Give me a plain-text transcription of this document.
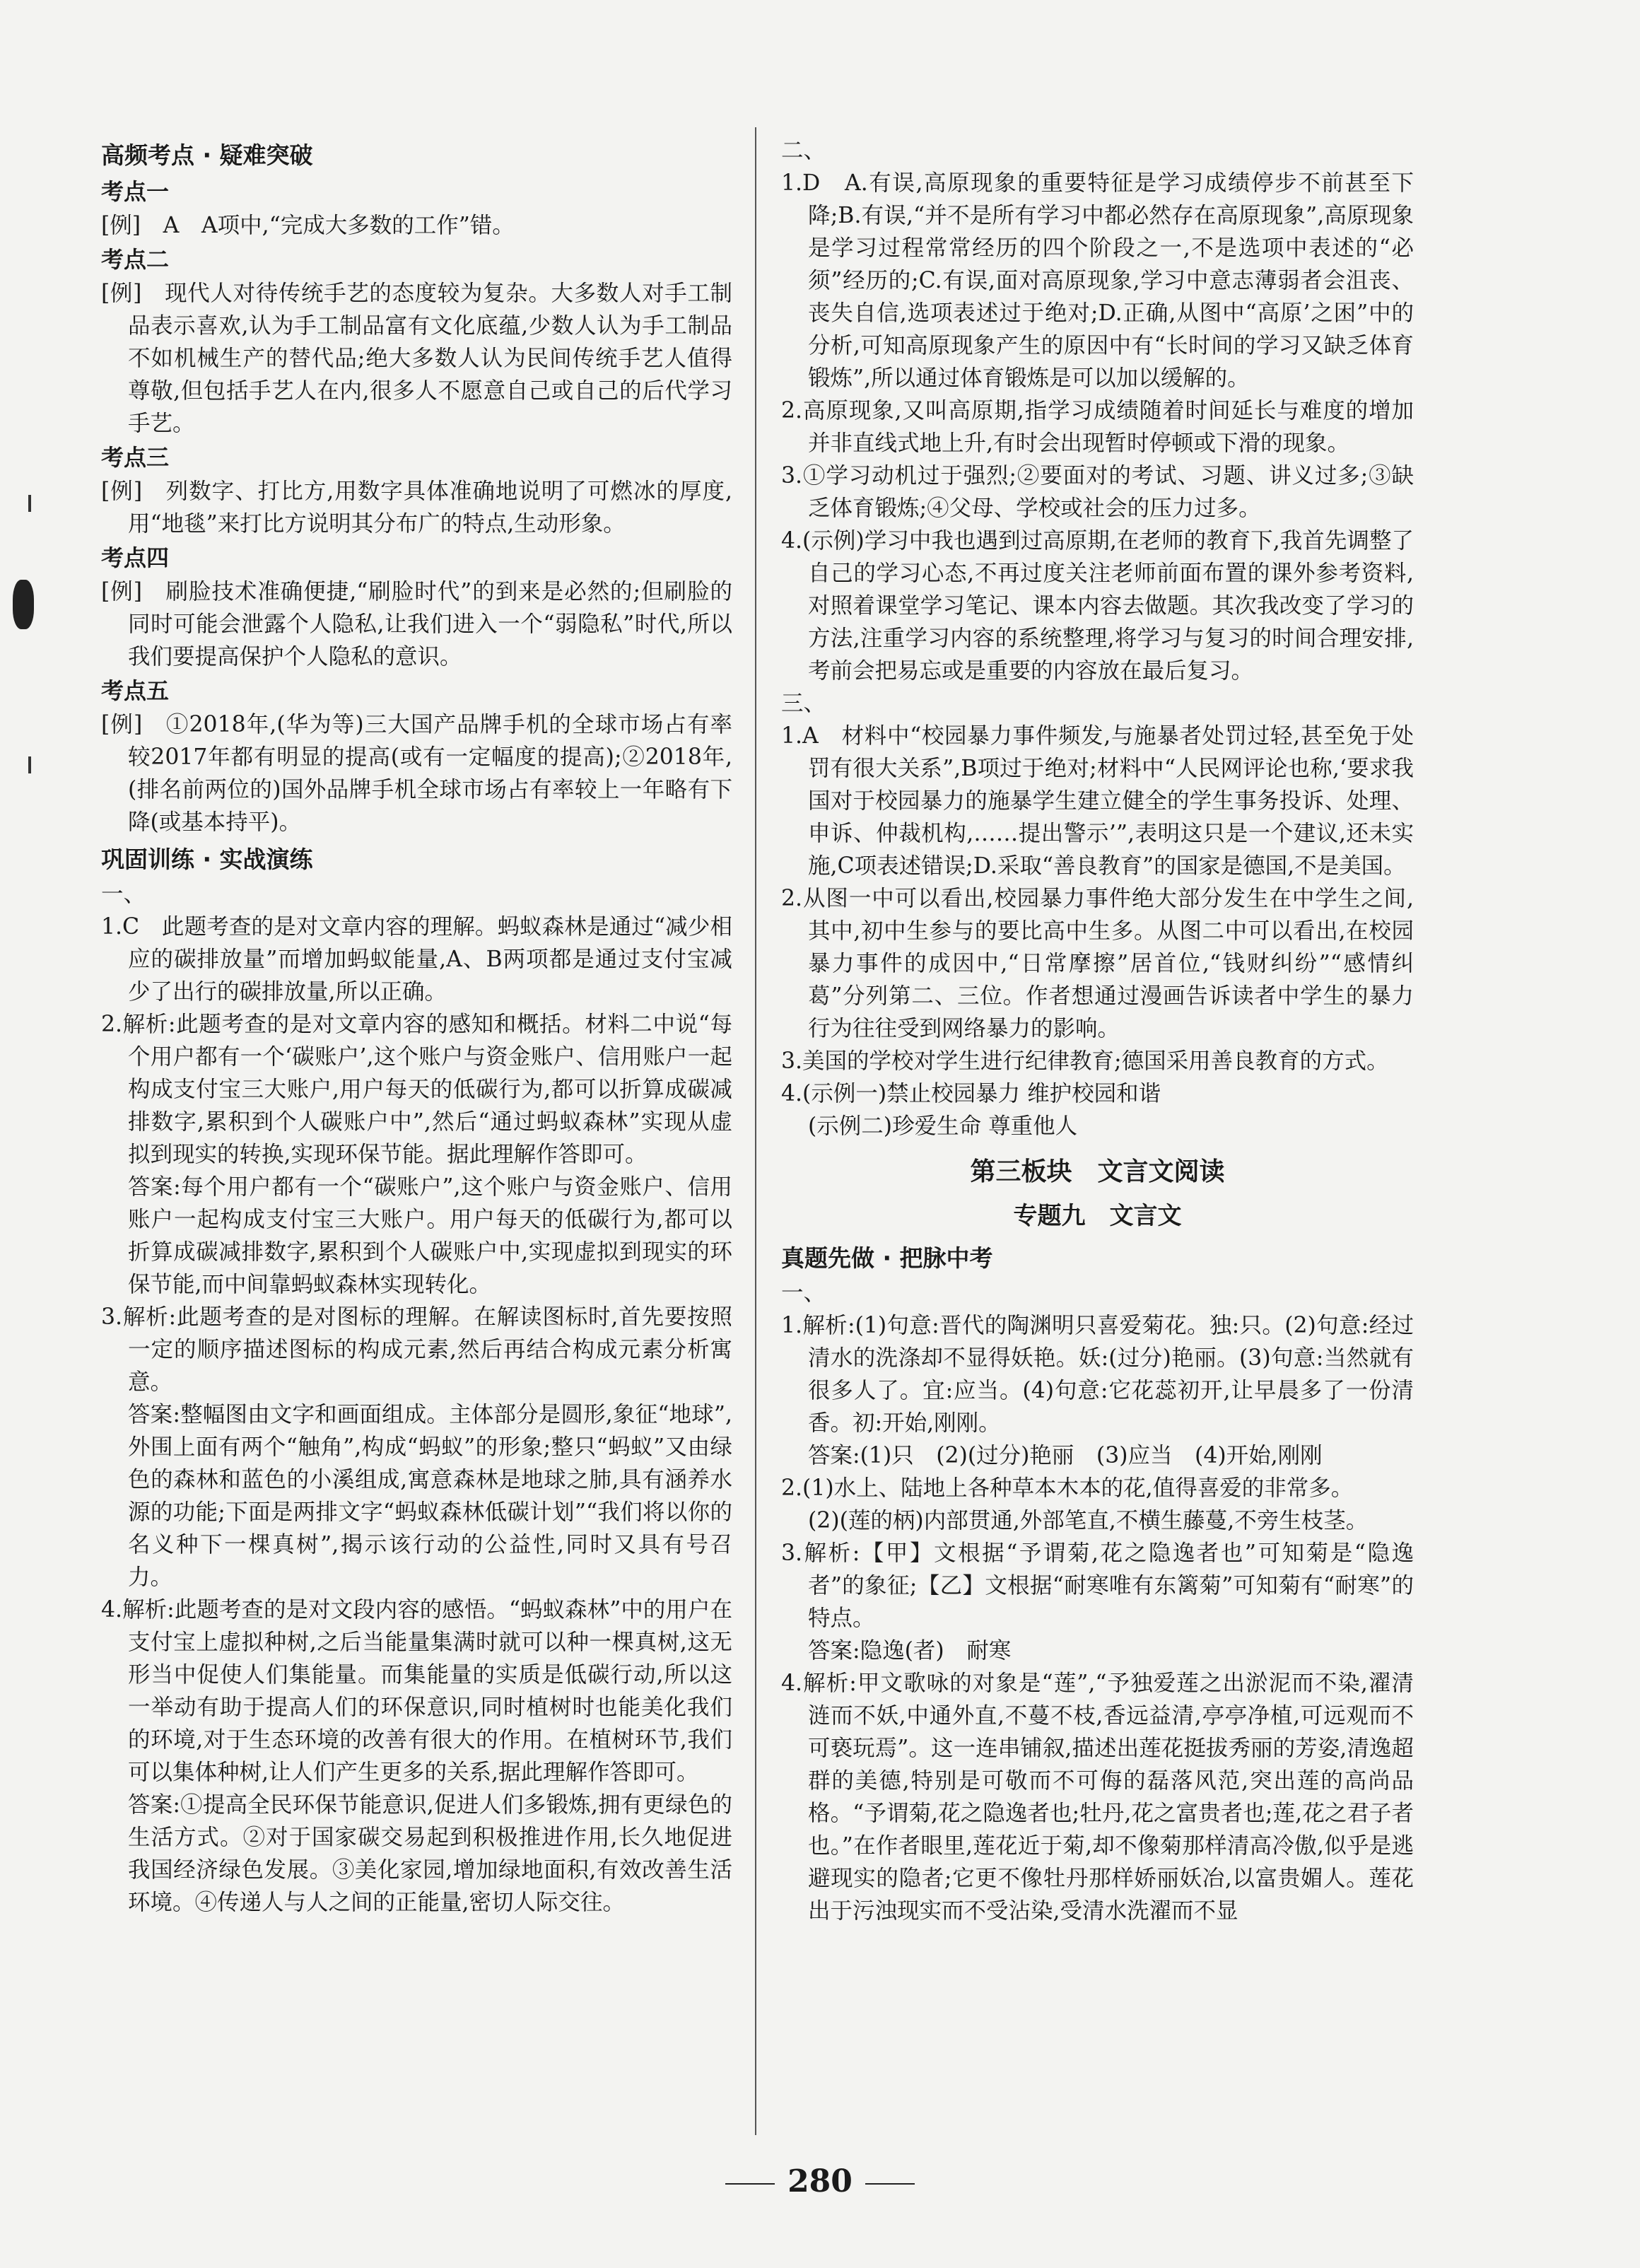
高频考点 · 疑难突破
考点一
[例]　A　A项中,“完成大多数的工作”错。
考点二
[例]　现代人对待传统手艺的态度较为复杂。大多数人对手工制品表示喜欢,认为手工制品富有文化底蕴,少数人认为手工制品不如机械生产的替代品;绝大多数人认为民间传统手艺人值得尊敬,但包括手艺人在内,很多人不愿意自己或自己的后代学习手艺。
考点三
[例]　列数字、打比方,用数字具体准确地说明了可燃冰的厚度,用“地毯”来打比方说明其分布广的特点,生动形象。
考点四
[例]　刷脸技术准确便捷,“刷脸时代”的到来是必然的;但刷脸的同时可能会泄露个人隐私,让我们进入一个“弱隐私”时代,所以我们要提高保护个人隐私的意识。
考点五
[例]　①2018年,(华为等)三大国产品牌手机的全球市场占有率较2017年都有明显的提高(或有一定幅度的提高);②2018年,(排名前两位的)国外品牌手机全球市场占有率较上一年略有下降(或基本持平)。
巩固训练 · 实战演练
一、
1.C　此题考查的是对文章内容的理解。蚂蚁森林是通过“减少相应的碳排放量”而增加蚂蚁能量,A、B两项都是通过支付宝减少了出行的碳排放量,所以正确。
2.解析:此题考查的是对文章内容的感知和概括。材料二中说“每个用户都有一个‘碳账户’,这个账户与资金账户、信用账户一起构成支付宝三大账户,用户每天的低碳行为,都可以折算成碳减排数字,累积到个人碳账户中”,然后“通过蚂蚁森林”实现从虚拟到现实的转换,实现环保节能。据此理解作答即可。
答案:每个用户都有一个“碳账户”,这个账户与资金账户、信用账户一起构成支付宝三大账户。用户每天的低碳行为,都可以折算成碳减排数字,累积到个人碳账户中,实现虚拟到现实的环保节能,而中间靠蚂蚁森林实现转化。
3.解析:此题考查的是对图标的理解。在解读图标时,首先要按照一定的顺序描述图标的构成元素,然后再结合构成元素分析寓意。
答案:整幅图由文字和画面组成。主体部分是圆形,象征“地球”,外围上面有两个“触角”,构成“蚂蚁”的形象;整只“蚂蚁”又由绿色的森林和蓝色的小溪组成,寓意森林是地球之肺,具有涵养水源的功能;下面是两排文字“蚂蚁森林低碳计划”“我们将以你的名义种下一棵真树”,揭示该行动的公益性,同时又具有号召力。
4.解析:此题考查的是对文段内容的感悟。“蚂蚁森林”中的用户在支付宝上虚拟种树,之后当能量集满时就可以种一棵真树,这无形当中促使人们集能量。而集能量的实质是低碳行动,所以这一举动有助于提高人们的环保意识,同时植树时也能美化我们的环境,对于生态环境的改善有很大的作用。在植树环节,我们可以集体种树,让人们产生更多的关系,据此理解作答即可。
答案:①提高全民环保节能意识,促进人们多锻炼,拥有更绿色的生活方式。②对于国家碳交易起到积极推进作用,长久地促进我国经济绿色发展。③美化家园,增加绿地面积,有效改善生活环境。④传递人与人之间的正能量,密切人际交往。
二、
1.D　A.有误,高原现象的重要特征是学习成绩停步不前甚至下降;B.有误,“并不是所有学习中都必然存在高原现象”,高原现象是学习过程常常经历的四个阶段之一,不是选项中表述的“必须”经历的;C.有误,面对高原现象,学习中意志薄弱者会沮丧、丧失自信,选项表述过于绝对;D.正确,从图中“高原’之困”中的分析,可知高原现象产生的原因中有“长时间的学习又缺乏体育锻炼”,所以通过体育锻炼是可以加以缓解的。
2.高原现象,又叫高原期,指学习成绩随着时间延长与难度的增加并非直线式地上升,有时会出现暂时停顿或下滑的现象。
3.①学习动机过于强烈;②要面对的考试、习题、讲义过多;③缺乏体育锻炼;④父母、学校或社会的压力过多。
4.(示例)学习中我也遇到过高原期,在老师的教育下,我首先调整了自己的学习心态,不再过度关注老师前面布置的课外参考资料,对照着课堂学习笔记、课本内容去做题。其次我改变了学习的方法,注重学习内容的系统整理,将学习与复习的时间合理安排,考前会把易忘或是重要的内容放在最后复习。
三、
1.A　材料中“校园暴力事件频发,与施暴者处罚过轻,甚至免于处罚有很大关系”,B项过于绝对;材料中“人民网评论也称,‘要求我国对于校园暴力的施暴学生建立健全的学生事务投诉、处理、申诉、仲裁机构,……提出警示’”,表明这只是一个建议,还未实施,C项表述错误;D.采取“善良教育”的国家是德国,不是美国。
2.从图一中可以看出,校园暴力事件绝大部分发生在中学生之间,其中,初中生参与的要比高中生多。从图二中可以看出,在校园暴力事件的成因中,“日常摩擦”居首位,“钱财纠纷”“感情纠葛”分列第二、三位。作者想通过漫画告诉读者中学生的暴力行为往往受到网络暴力的影响。
3.美国的学校对学生进行纪律教育;德国采用善良教育的方式。
4.(示例一)禁止校园暴力 维护校园和谐
(示例二)珍爱生命 尊重他人
第三板块　文言文阅读
专题九　文言文
真题先做 · 把脉中考
一、
1.解析:(1)句意:晋代的陶渊明只喜爱菊花。独:只。(2)句意:经过清水的洗涤却不显得妖艳。妖:(过分)艳丽。(3)句意:当然就有很多人了。宜:应当。(4)句意:它花蕊初开,让早晨多了一份清香。初:开始,刚刚。
答案:(1)只　(2)(过分)艳丽　(3)应当　(4)开始,刚刚
2.(1)水上、陆地上各种草本木本的花,值得喜爱的非常多。
(2)(莲的柄)内部贯通,外部笔直,不横生藤蔓,不旁生枝茎。
3.解析:【甲】文根据“予谓菊,花之隐逸者也”可知菊是“隐逸者”的象征;【乙】文根据“耐寒唯有东篱菊”可知菊有“耐寒”的特点。
答案:隐逸(者)　耐寒
4.解析:甲文歌咏的对象是“莲”,“予独爱莲之出淤泥而不染,濯清涟而不妖,中通外直,不蔓不枝,香远益清,亭亭净植,可远观而不可亵玩焉”。这一连串铺叙,描述出莲花挺拔秀丽的芳姿,清逸超群的美德,特别是可敬而不可侮的磊落风范,突出莲的高尚品格。“予谓菊,花之隐逸者也;牡丹,花之富贵者也;莲,花之君子者也。”在作者眼里,莲花近于菊,却不像菊那样清高冷傲,似乎是逃避现实的隐者;它更不像牡丹那样娇丽妖冶,以富贵媚人。莲花出于污浊现实而不受沾染,受清水洗濯而不显
280
